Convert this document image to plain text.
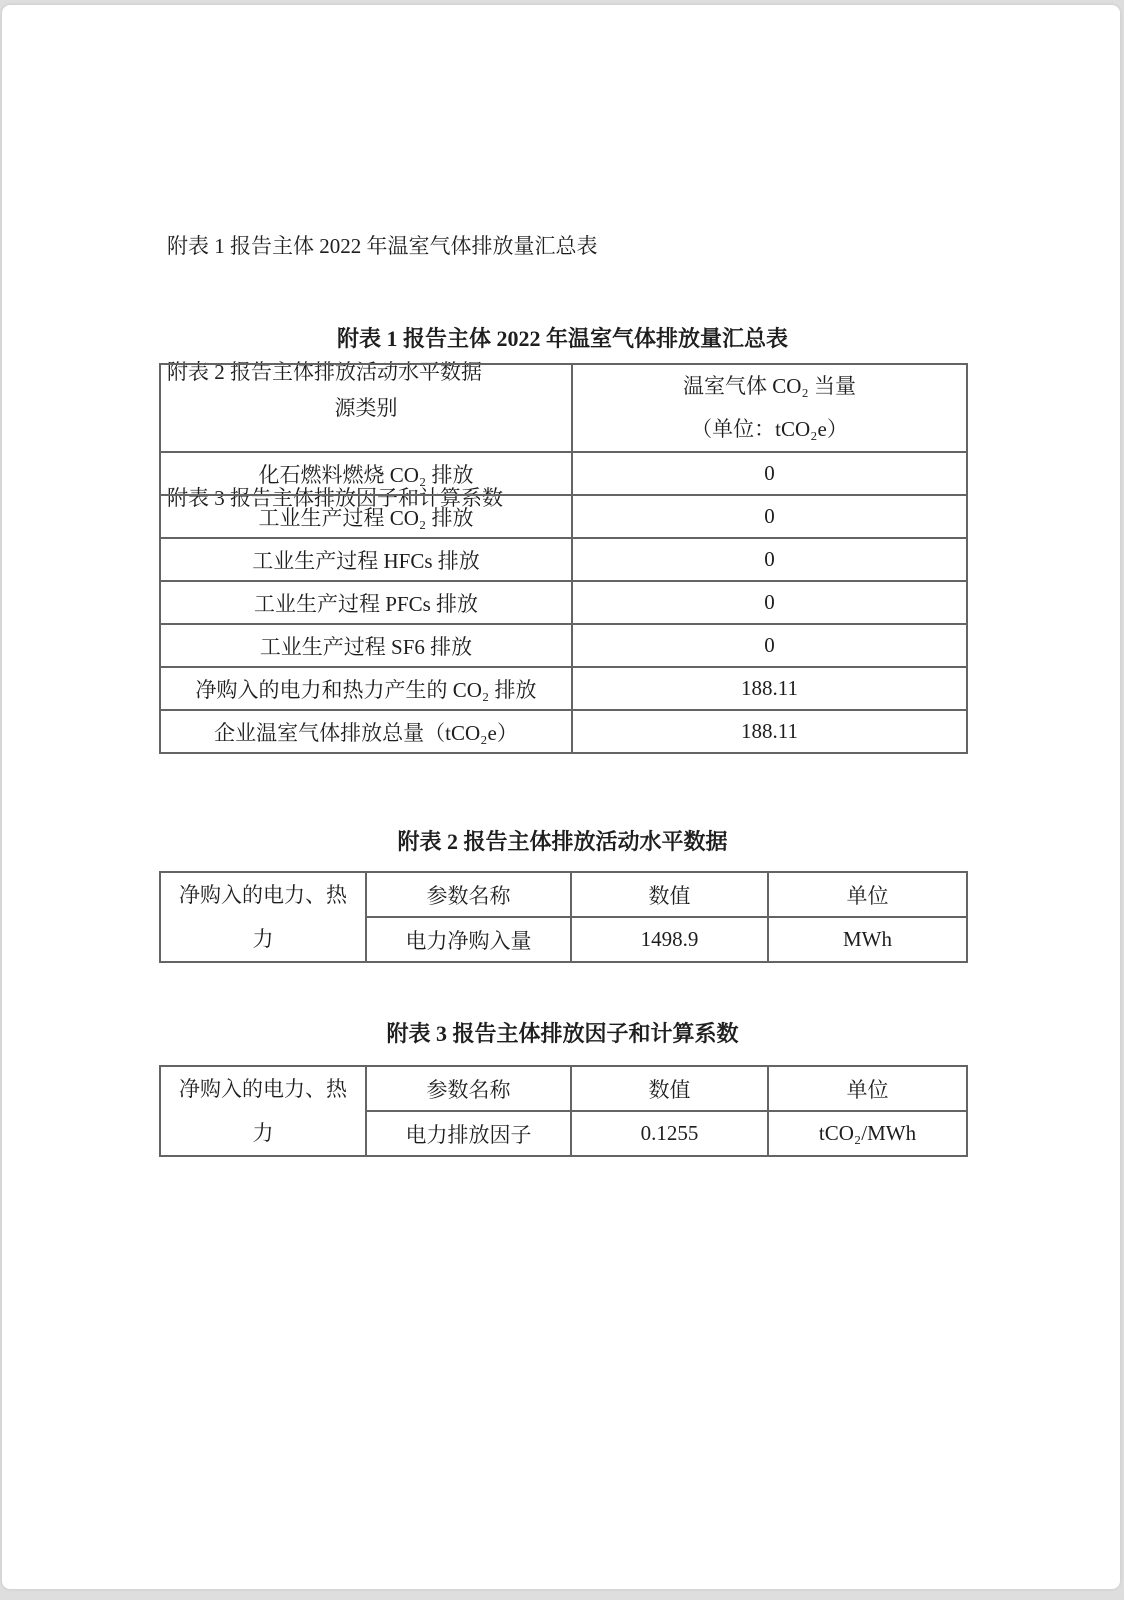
附表 1 报告主体 2022 年温室气体排放量汇总表

附表 2 报告主体排放活动水平数据

附表 3 报告主体排放因子和计算系数

附表 1 报告主体 2022 年温室气体排放量汇总表
源类别	温室气体 CO₂ 当量
（单位：tCO₂e）

化石燃料燃烧 CO₂ 排放	0
工业生产过程 CO₂ 排放	0
工业生产过程 HFCs 排放	0
工业生产过程 PFCs 排放	0
工业生产过程 SF6 排放	0
净购入的电力和热力产生的 CO₂ 排放	188.11
企业温室气体排放总量（tCO₂e）	188.11
附表 2 报告主体排放活动水平数据
净购入的电力、热力	参数名称	数值	单位
	电力净购入量	1498.9	MWh
附表 3 报告主体排放因子和计算系数
净购入的电力、热力	参数名称	数值	单位
	电力排放因子	0.1255	tCO₂/MWh
